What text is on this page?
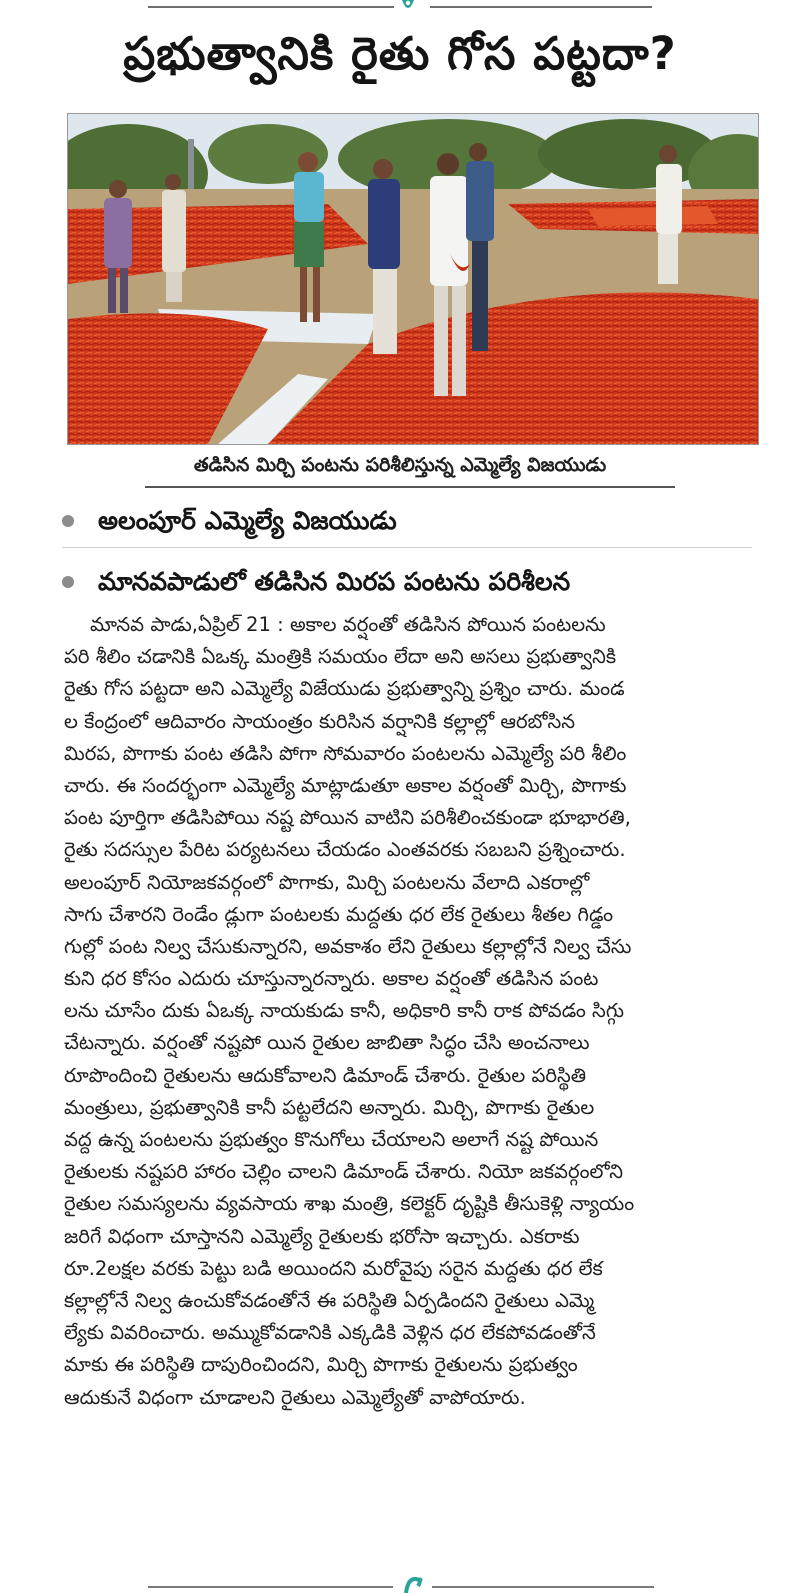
ప్రభుత్వానికి రైతు గోస పట్టదా?
తడిసిన మిర్చి పంటను పరిశీలిస్తున్న ఎమ్మెల్యే విజయుడు
అలంపూర్ ఎమ్మెల్యే విజయుడు
మానవపాడులో తడిసిన మిరప పంటను పరిశీలన
మానవ పాడు,ఏప్రిల్ 21 : అకాల వర్షంతో తడిసిన పోయిన పంటలను
పరి శీలిం చడానికి ఏఒక్క మంత్రికి సమయం లేదా అని అసలు ప్రభుత్వానికి
రైతు గోస పట్టదా అని ఎమ్మెల్యే విజేయుడు ప్రభుత్వాన్ని ప్రశ్నిం చారు. మండ
ల కేంద్రంలో ఆదివారం సాయంత్రం కురిసిన వర్షానికి కల్లాల్లో ఆరబోసిన
మిరప, పొగాకు పంట తడిసి పోగా సోమవారం పంటలను ఎమ్మెల్యే పరి శీలిం
చారు. ఈ సందర్భంగా ఎమ్మెల్యే మాట్లాడుతూ అకాల వర్షంతో మిర్చి, పొగాకు
పంట పూర్తిగా తడిసిపోయి నష్ట పోయిన వాటిని పరిశీలించకుండా భూభారతి,
రైతు సదస్సుల పేరిట పర్యటనలు చేయడం ఎంతవరకు సబబని ప్రశ్నించారు.
అలంపూర్ నియోజకవర్గంలో పొగాకు, మిర్చి పంటలను వేలాది ఎకరాల్లో
సాగు చేశారని రెండేం డ్లుగా పంటలకు మద్దతు ధర లేక రైతులు శీతల గిడ్డం
గుల్లో పంట నిల్వ చేసుకున్నారని, అవకాశం లేని రైతులు కల్లాల్లోనే నిల్వ చేసు
కుని ధర కోసం ఎదురు చూస్తున్నారన్నారు. అకాల వర్షంతో తడిసిన పంట
లను చూసేం దుకు ఏఒక్క నాయకుడు కానీ, అధికారి కానీ రాక పోవడం సిగ్గు
చేటన్నారు. వర్షంతో నష్టపో యిన రైతుల జాబితా సిద్ధం చేసి అంచనాలు
రూపొందించి రైతులను ఆదుకోవాలని డిమాండ్ చేశారు. రైతుల పరిస్థితి
మంత్రులు, ప్రభుత్వానికి కానీ పట్టలేదని అన్నారు. మిర్చి, పొగాకు రైతుల
వద్ద ఉన్న పంటలను ప్రభుత్వం కొనుగోలు చేయాలని అలాగే నష్ట పోయిన
రైతులకు నష్టపరి హారం చెల్లిం చాలని డిమాండ్ చేశారు. నియో జకవర్గంలోని
రైతుల సమస్యలను వ్యవసాయ శాఖ మంత్రి, కలెక్టర్ దృష్టికి తీసుకెళ్లి న్యాయం
జరిగే విధంగా చూస్తానని ఎమ్మెల్యే రైతులకు భరోసా ఇచ్చారు. ఎకరాకు
రూ.2లక్షల వరకు పెట్టు బడి అయిందని మరోవైపు సరైన మద్దతు ధర లేక
కల్లాల్లోనే నిల్వ ఉంచుకోవడంతోనే ఈ పరిస్థితి ఏర్పడిందని రైతులు ఎమ్మె
ల్యేకు వివరించారు. అమ్ముకోవడానికి ఎక్కడికి వెళ్లిన ధర లేకపోవడంతోనే
మాకు ఈ పరిస్థితి దాపురించిందని, మిర్చి పొగాకు రైతులను ప్రభుత్వం
ఆదుకునే విధంగా చూడాలని రైతులు ఎమ్మెల్యేతో వాపోయారు.
